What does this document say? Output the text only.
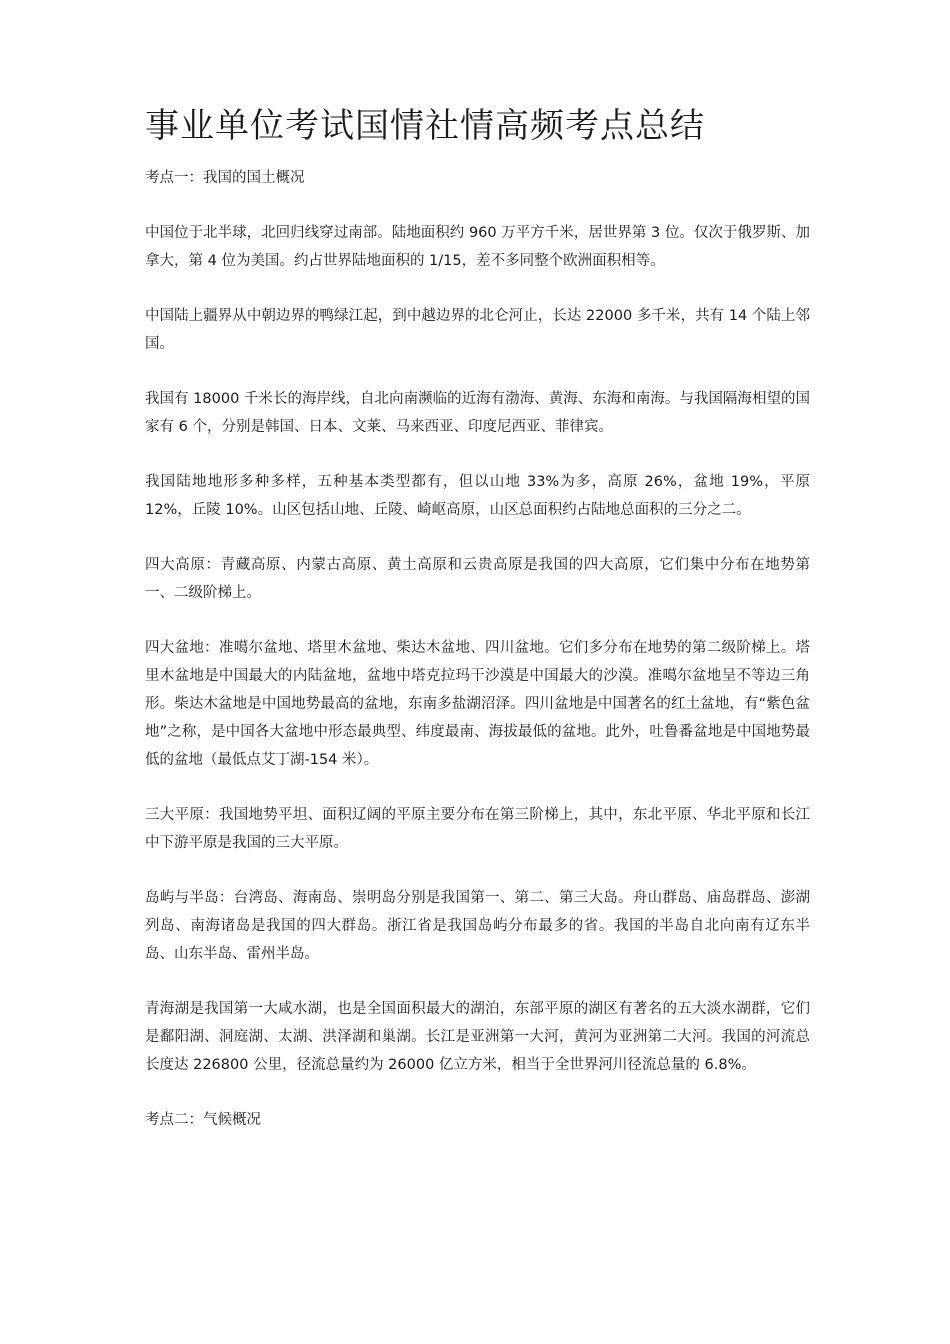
事业单位考试国情社情高频考点总结

考点一：我国的国土概况

中国位于北半球，北回归线穿过南部。陆地面积约 960 万平方千米，居世界第 3 位。仅次于俄罗斯、加拿大，第 4 位为美国。约占世界陆地面积的 1/15，差不多同整个欧洲面积相等。

中国陆上疆界从中朝边界的鸭绿江起，到中越边界的北仑河止，长达 22000 多千米，共有 14 个陆上邻国。

我国有 18000 千米长的海岸线，自北向南濒临的近海有渤海、黄海、东海和南海。与我国隔海相望的国家有 6 个，分别是韩国、日本、文莱、马来西亚、印度尼西亚、菲律宾。

我国陆地地形多种多样，五种基本类型都有，但以山地 33%为多，高原 26%，盆地 19%，平原 12%，丘陵 10%。山区包括山地、丘陵、崎岖高原，山区总面积约占陆地总面积的三分之二。

四大高原：青藏高原、内蒙古高原、黄土高原和云贵高原是我国的四大高原，它们集中分布在地势第一、二级阶梯上。

四大盆地：准噶尔盆地、塔里木盆地、柴达木盆地、四川盆地。它们多分布在地势的第二级阶梯上。塔里木盆地是中国最大的内陆盆地，盆地中塔克拉玛干沙漠是中国最大的沙漠。准噶尔盆地呈不等边三角形。柴达木盆地是中国地势最高的盆地，东南多盐湖沼泽。四川盆地是中国著名的红土盆地，有“紫色盆地”之称，是中国各大盆地中形态最典型、纬度最南、海拔最低的盆地。此外，吐鲁番盆地是中国地势最低的盆地（最低点艾丁湖-154 米）。

三大平原：我国地势平坦、面积辽阔的平原主要分布在第三阶梯上，其中，东北平原、华北平原和长江中下游平原是我国的三大平原。

岛屿与半岛：台湾岛、海南岛、崇明岛分别是我国第一、第二、第三大岛。舟山群岛、庙岛群岛、澎湖列岛、南海诸岛是我国的四大群岛。浙江省是我国岛屿分布最多的省。我国的半岛自北向南有辽东半岛、山东半岛、雷州半岛。

青海湖是我国第一大咸水湖，也是全国面积最大的湖泊，东部平原的湖区有著名的五大淡水湖群，它们是鄱阳湖、洞庭湖、太湖、洪泽湖和巢湖。长江是亚洲第一大河，黄河为亚洲第二大河。我国的河流总长度达 226800 公里，径流总量约为 26000 亿立方米，相当于全世界河川径流总量的 6.8%。

考点二：气候概况
